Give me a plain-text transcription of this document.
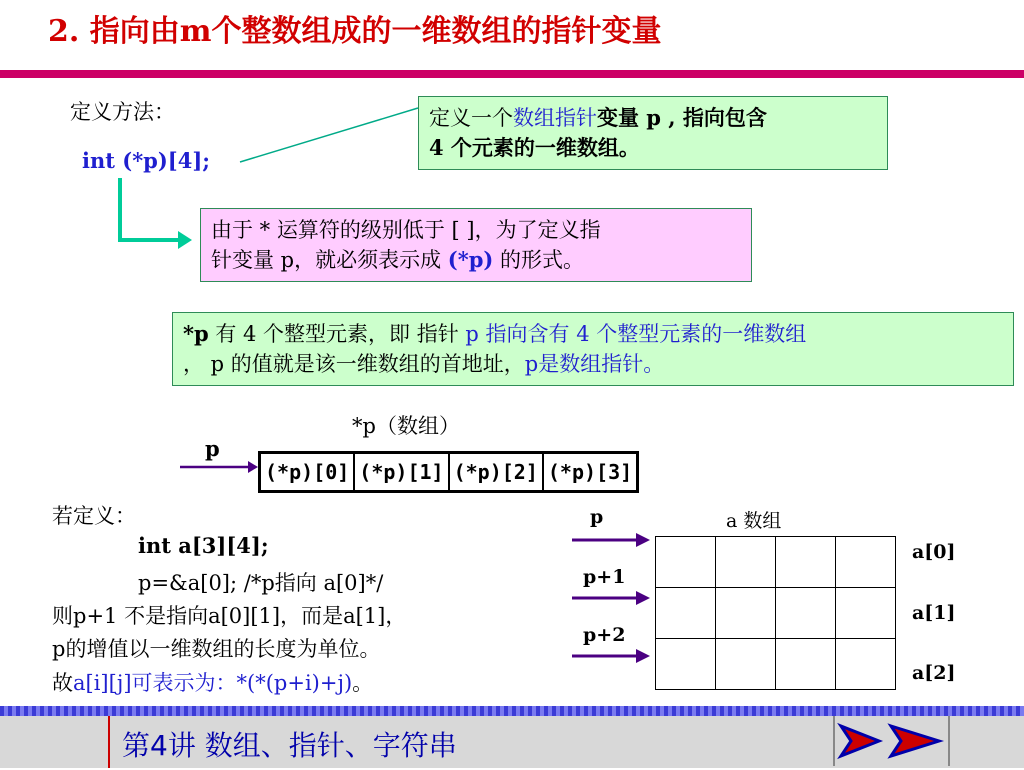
2. 指向由m个整数组成的一维数组的指针变量
定义方法：
int (*p)[4];
定义一个数组指针变量 p , 指向包含
4 个元素的一维数组。
由于 * 运算符的级别低于 [ ]，为了定义指
针变量 p，就必须表示成 (*p) 的形式。
*p 有 4 个整型元素，即 指针 p 指向含有 4 个整型元素的一维数组
， p 的值就是该一维数组的首地址，p是数组指针。
*p（数组）
p
(*p)[0] (*p)[1] (*p)[2] (*p)[3]
若定义：
int a[3][4];
p=&a[0]; /*p指向 a[0]*/
则p+1 不是指向a[0][1]，而是a[1]，
p的增值以一维数组的长度为单位。
故a[i][j]可表示为：*(*(p+i)+j)。
p
p+1
p+2
a 数组

a[0]
a[1]
a[2]
第4讲 数组、指针、字符串
